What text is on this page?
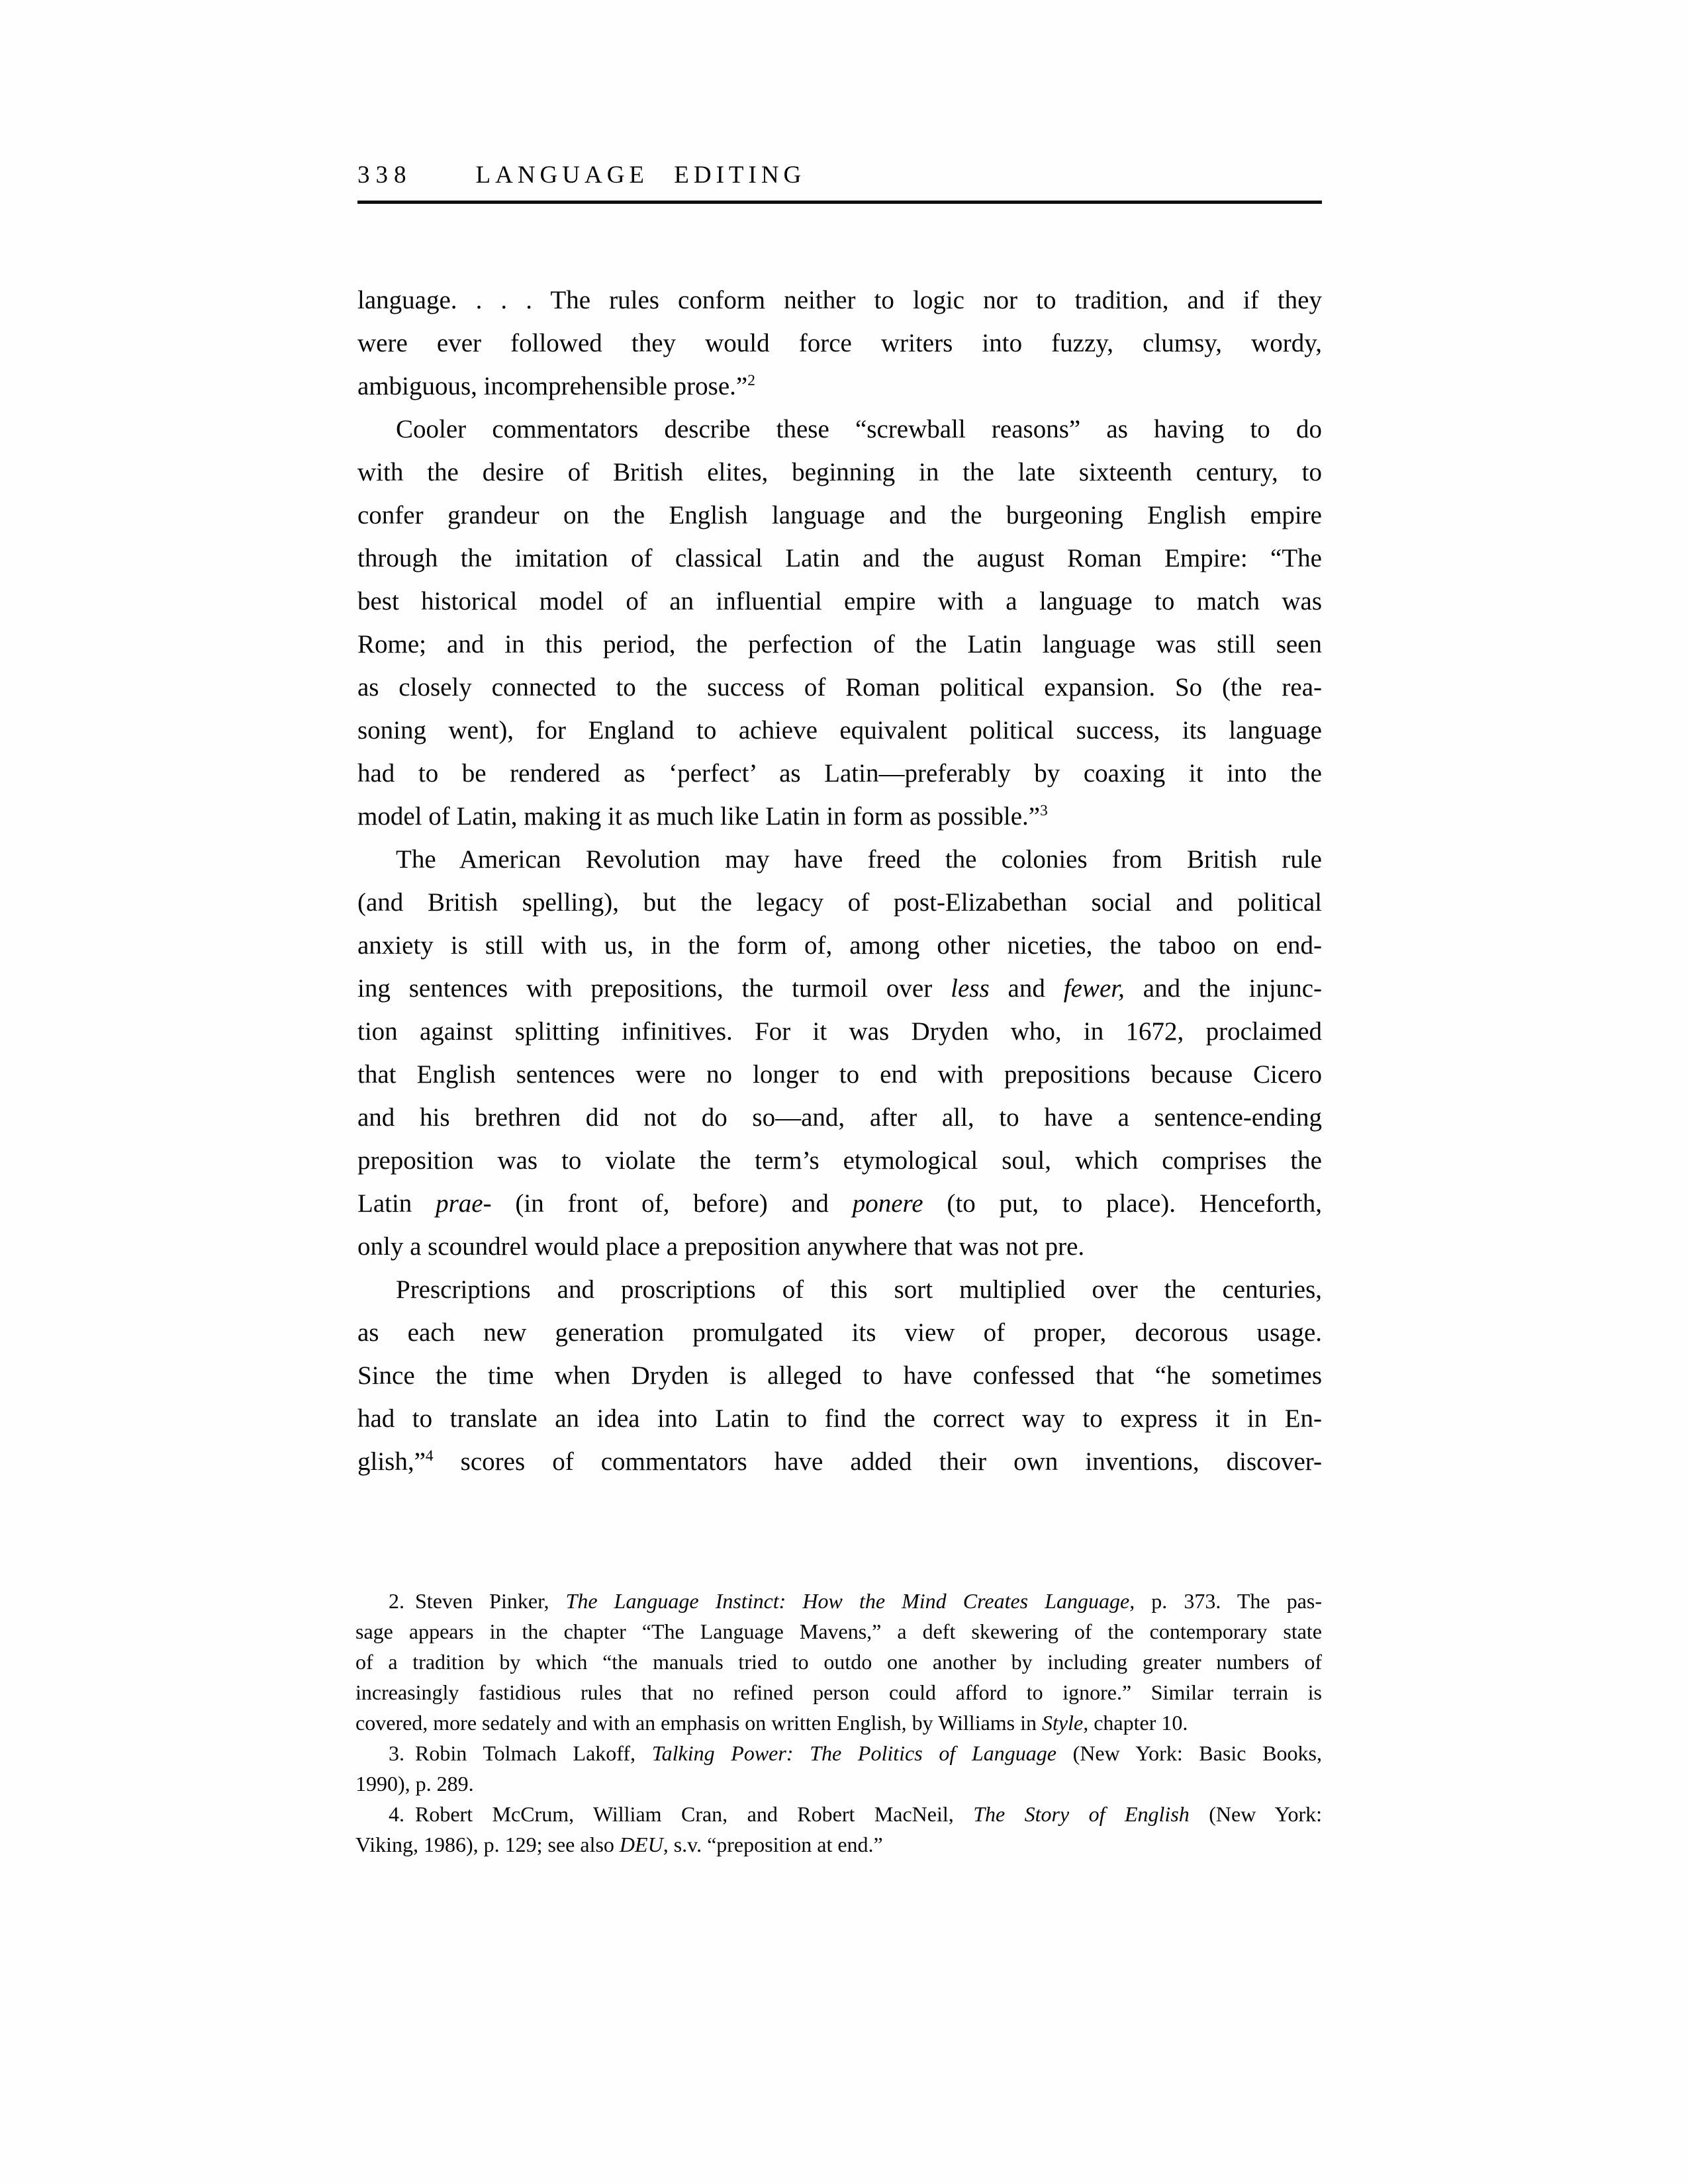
338	LANGUAGE EDITING
language. . . . The rules conform neither to logic nor to tradition, and if they
were ever followed they would force writers into fuzzy, clumsy, wordy,
ambiguous, incomprehensible prose.”$^2$
Cooler commentators describe these “screwball reasons” as having to do
with the desire of British elites, beginning in the late sixteenth century, to
confer grandeur on the English language and the burgeoning English empire
through the imitation of classical Latin and the august Roman Empire: “The
best historical model of an influential empire with a language to match was
Rome; and in this period, the perfection of the Latin language was still seen
as closely connected to the success of Roman political expansion. So (the rea-
soning went), for England to achieve equivalent political success, its language
had to be rendered as ‘perfect’ as Latin—preferably by coaxing it into the
model of Latin, making it as much like Latin in form as possible.”$^3$
The American Revolution may have freed the colonies from British rule
(and British spelling), but the legacy of post-Elizabethan social and political
anxiety is still with us, in the form of, among other niceties, the taboo on end-
ing sentences with prepositions, the turmoil over less and fewer, and the injunc-
tion against splitting infinitives. For it was Dryden who, in 1672, proclaimed
that English sentences were no longer to end with prepositions because Cicero
and his brethren did not do so—and, after all, to have a sentence-ending
preposition was to violate the term’s etymological soul, which comprises the
Latin prae- (in front of, before) and ponere (to put, to place). Henceforth,
only a scoundrel would place a preposition anywhere that was not pre.
Prescriptions and proscriptions of this sort multiplied over the centuries,
as each new generation promulgated its view of proper, decorous usage.
Since the time when Dryden is alleged to have confessed that “he sometimes
had to translate an idea into Latin to find the correct way to express it in En-
glish,”$^4$ scores of commentators have added their own inventions, discover-
2. Steven Pinker, The Language Instinct: How the Mind Creates Language, p. 373. The pas-
sage appears in the chapter “The Language Mavens,” a deft skewering of the contemporary state
of a tradition by which “the manuals tried to outdo one another by including greater numbers of
increasingly fastidious rules that no refined person could afford to ignore.” Similar terrain is
covered, more sedately and with an emphasis on written English, by Williams in Style, chapter 10.
3. Robin Tolmach Lakoff, Talking Power: The Politics of Language (New York: Basic Books,
1990), p. 289.
4. Robert McCrum, William Cran, and Robert MacNeil, The Story of English (New York:
Viking, 1986), p. 129; see also DEU, s.v. “preposition at end.”
